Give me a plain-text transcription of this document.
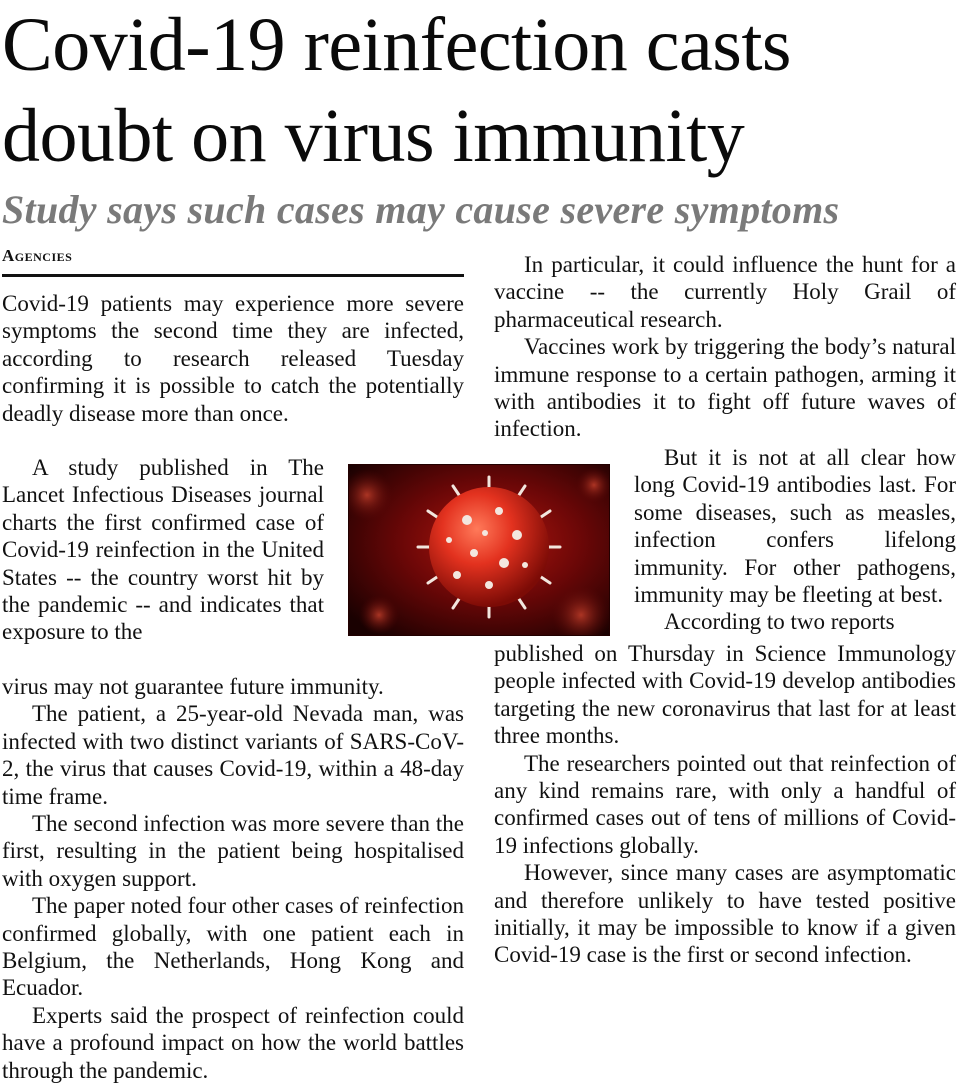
Covid-19 reinfection casts
doubt on virus immunity
Study says such cases may cause severe symptoms
Agencies

Covid-19 patients may experience more severe symptoms the second time they are infected, according to research released Tuesday confirming it is possible to catch the potentially deadly disease more than once.

A study published in The Lancet Infectious Diseases journal charts the first confirmed case of Covid-19 reinfection in the United States -- the country worst hit by the pandemic -- and indicates that exposure to the

virus may not guarantee future immunity.

The patient, a 25-year-old Nevada man, was infected with two distinct variants of SARS-CoV-2, the virus that causes Covid-19, within a 48-day time frame.

The second infection was more severe than the first, resulting in the patient being hospitalised with oxygen support.

The paper noted four other cases of reinfection confirmed globally, with one patient each in Belgium, the Netherlands, Hong Kong and Ecuador.

Experts said the prospect of reinfection could have a profound impact on how the world battles through the pandemic.

In particular, it could influence the hunt for a vaccine -- the currently Holy Grail of pharmaceutical research.

Vaccines work by triggering the body’s natural immune response to a certain pathogen, arming it with antibodies it to fight off future waves of infection.

But it is not at all clear how long Covid-19 antibodies last. For some diseases, such as measles, infection confers lifelong immunity. For other pathogens, immunity may be fleeting at best.

According to two reports

published on Thursday in Science Immunology people infected with Covid-19 develop antibodies targeting the new coronavirus that last for at least three months.

The researchers pointed out that reinfection of any kind remains rare, with only a handful of confirmed cases out of tens of millions of Covid-19 infections globally.

However, since many cases are asymptomatic and therefore unlikely to have tested positive initially, it may be impossible to know if a given Covid-19 case is the first or second infection.
